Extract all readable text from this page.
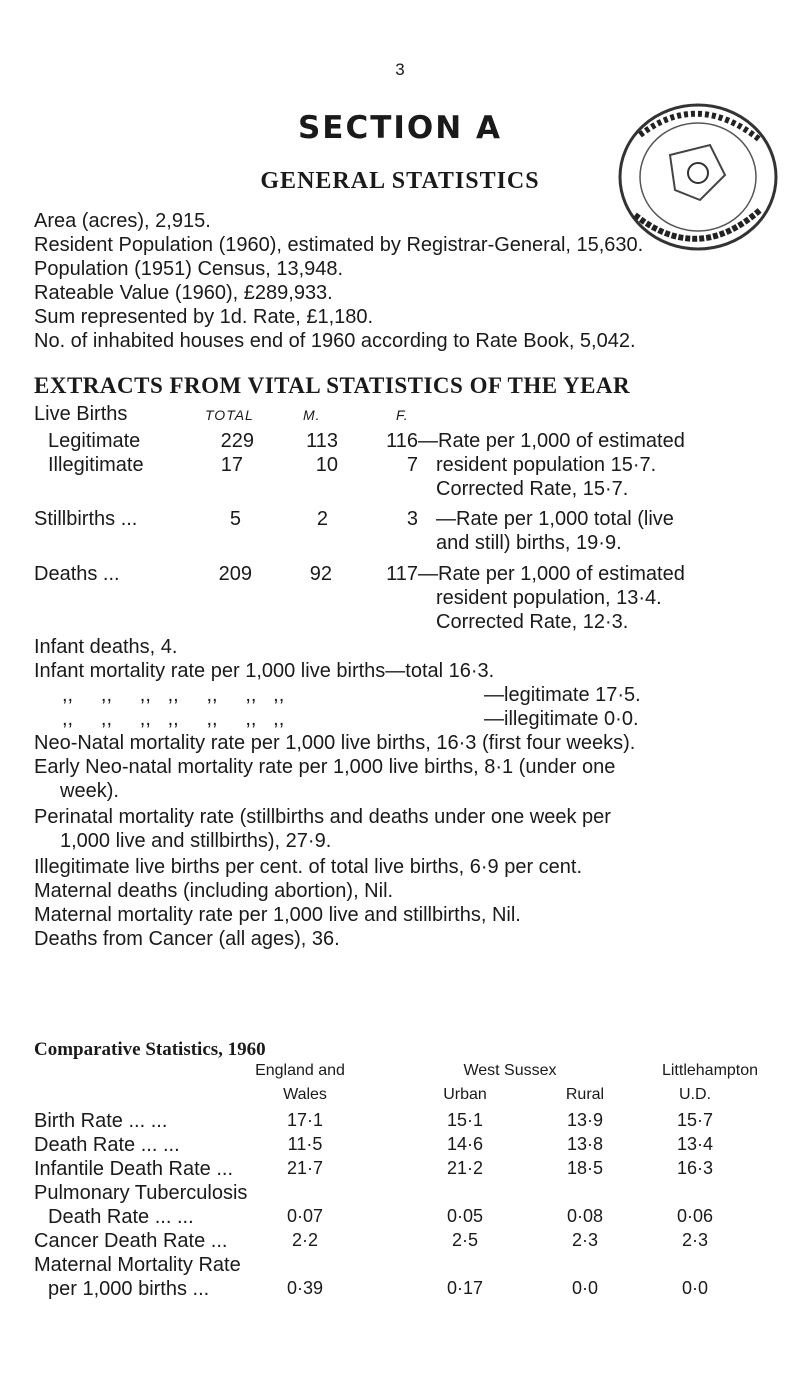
3
SECTION A
GENERAL STATISTICS
Area (acres), 2,915.
Resident Population (1960), estimated by Registrar-General, 15,630.
Population (1951) Census, 13,948.
Rateable Value (1960), £289,933.
Sum represented by 1d. Rate, £1,180.
No. of inhabited houses end of 1960 according to Rate Book, 5,042.
EXTRACTS FROM VITAL STATISTICS OF THE YEAR
Live Births	TOTAL	M.	F.
Legitimate	229	113	116 —Rate per 1,000 of estimated
Illegitimate	17	10	7 resident population 15·7.
Corrected Rate, 15·7.
Stillbirths ...	5	2	3 —Rate per 1,000 total (live
and still) births, 19·9.
Deaths ...	209	92	117 —Rate per 1,000 of estimated
resident population, 13·4.
Corrected Rate, 12·3.
Infant deaths, 4.
Infant mortality rate per 1,000 live births—total 16·3.
,,     ,,     ,,   ,,     ,,     ,,   ,,	—legitimate 17·5.
,,     ,,     ,,   ,,     ,,     ,,   ,,	—illegitimate 0·0.
Neo-Natal mortality rate per 1,000 live births, 16·3 (first four weeks).
Early Neo-natal mortality rate per 1,000 live births, 8·1 (under one
week).
Perinatal mortality rate (stillbirths and deaths under one week per
1,000 live and stillbirths), 27·9.
Illegitimate live births per cent. of total live births, 6·9 per cent.
Maternal deaths (including abortion), Nil.
Maternal mortality rate per 1,000 live and stillbirths, Nil.
Deaths from Cancer (all ages), 36.
Comparative Statistics, 1960
England and	West Sussex	Littlehampton
Wales	Urban	Rural	U.D.
Birth Rate ... ...	17·1	15·1	13·9	15·7
Death Rate ... ...	11·5	14·6	13·8	13·4
Infantile Death Rate ...	21·7	21·2	18·5	16·3
Pulmonary Tuberculosis
Death Rate ... ...	0·07	0·05	0·08	0·06
Cancer Death Rate ...	2·2	2·5	2·3	2·3
Maternal Mortality Rate
per 1,000 births ...	0·39	0·17	0·0	0·0
